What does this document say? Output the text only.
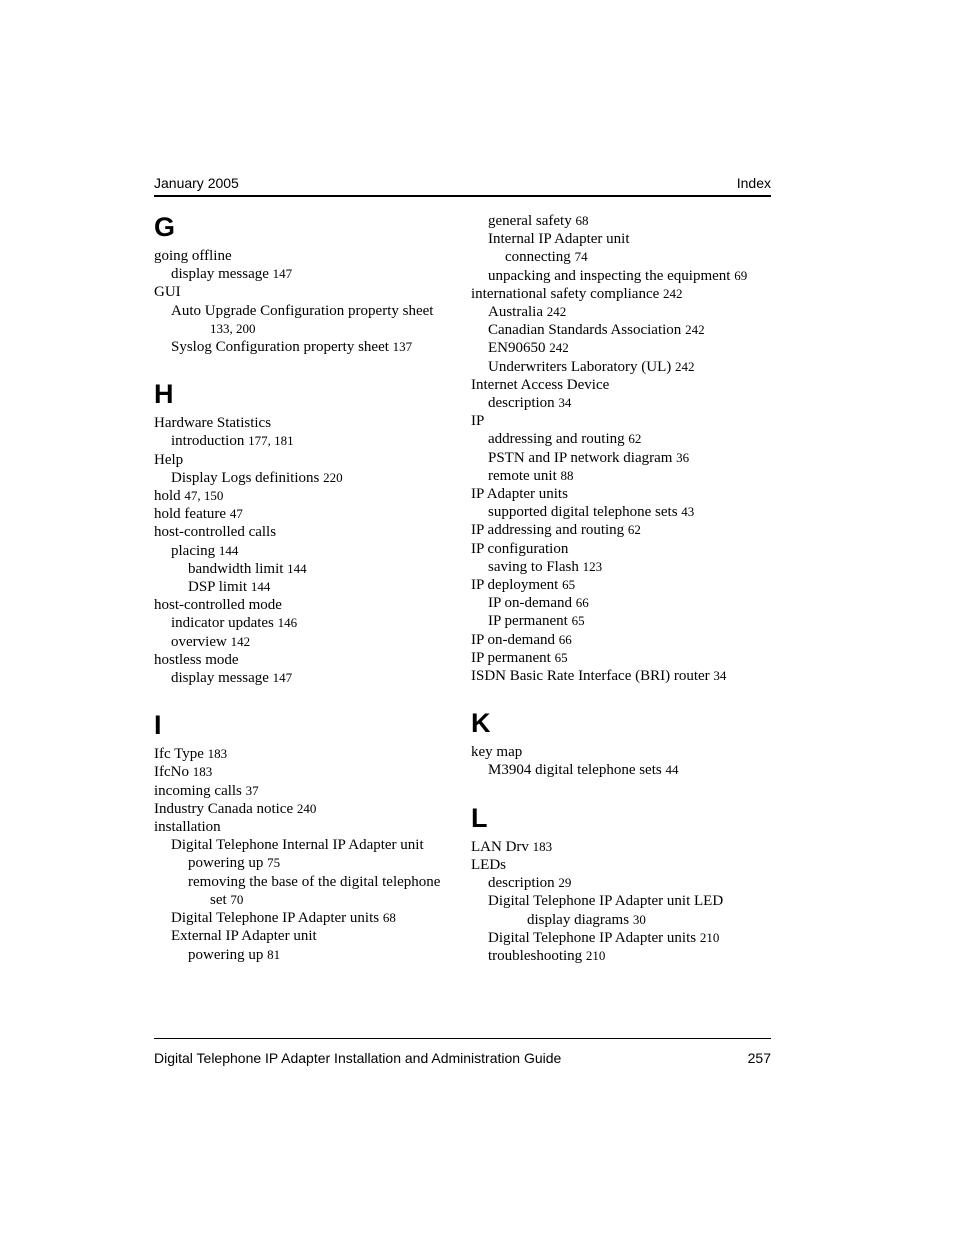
January 2005	Index
G
going offline
display message 147
GUI
Auto Upgrade Configuration property sheet
133, 200
Syslog Configuration property sheet 137
H
Hardware Statistics
introduction 177, 181
Help
Display Logs definitions 220
hold 47, 150
hold feature 47
host-controlled calls
placing 144
bandwidth limit 144
DSP limit 144
host-controlled mode
indicator updates 146
overview 142
hostless mode
display message 147
I
Ifc Type 183
IfcNo 183
incoming calls 37
Industry Canada notice 240
installation
Digital Telephone Internal IP Adapter unit
powering up 75
removing the base of the digital telephone
set 70
Digital Telephone IP Adapter units 68
External IP Adapter unit
powering up 81
general safety 68
Internal IP Adapter unit
connecting 74
unpacking and inspecting the equipment 69
international safety compliance 242
Australia 242
Canadian Standards Association 242
EN90650 242
Underwriters Laboratory (UL) 242
Internet Access Device
description 34
IP
addressing and routing 62
PSTN and IP network diagram 36
remote unit 88
IP Adapter units
supported digital telephone sets 43
IP addressing and routing 62
IP configuration
saving to Flash 123
IP deployment 65
IP on-demand 66
IP permanent 65
IP on-demand 66
IP permanent 65
ISDN Basic Rate Interface (BRI) router 34
K
key map
M3904 digital telephone sets 44
L
LAN Drv 183
LEDs
description 29
Digital Telephone IP Adapter unit LED
display diagrams 30
Digital Telephone IP Adapter units 210
troubleshooting 210
Digital Telephone IP Adapter Installation and Administration Guide	257
